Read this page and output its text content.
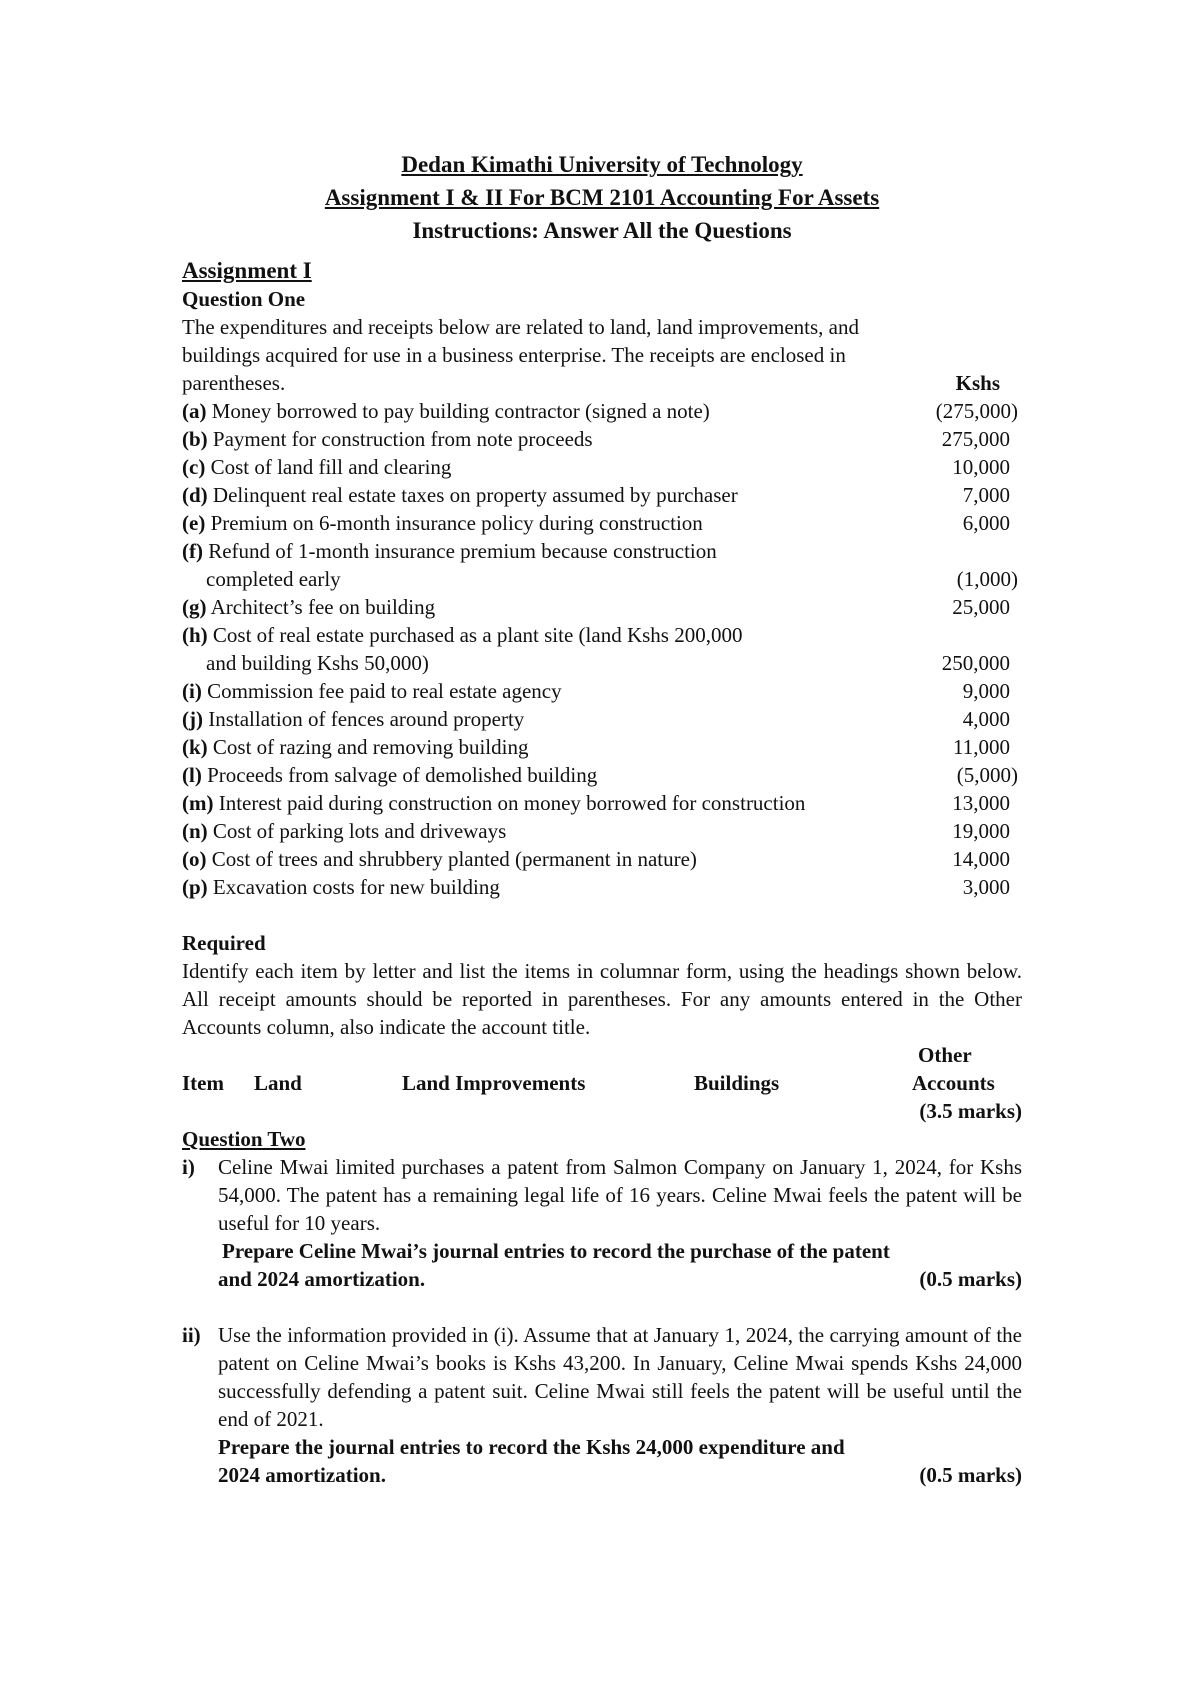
Dedan Kimathi University of Technology
Assignment I & II For BCM 2101 Accounting For Assets
Instructions: Answer All the Questions
Assignment I
Question One
The expenditures and receipts below are related to land, land improvements, and
buildings acquired for use in a business enterprise. The receipts are enclosed in
parentheses.	Kshs
(a) Money borrowed to pay building contractor (signed a note)	(275,000)
(b) Payment for construction from note proceeds	275,000
(c) Cost of land fill and clearing	10,000
(d) Delinquent real estate taxes on property assumed by purchaser	7,000
(e) Premium on 6-month insurance policy during construction	6,000
(f) Refund of 1-month insurance premium because construction
completed early	(1,000)
(g) Architect’s fee on building	25,000
(h) Cost of real estate purchased as a plant site (land Kshs 200,000
and building Kshs 50,000)	250,000
(i) Commission fee paid to real estate agency	9,000
(j) Installation of fences around property	4,000
(k) Cost of razing and removing building	11,000
(l) Proceeds from salvage of demolished building	(5,000)
(m) Interest paid during construction on money borrowed for construction	13,000
(n) Cost of parking lots and driveways	19,000
(o) Cost of trees and shrubbery planted (permanent in nature)	14,000
(p) Excavation costs for new building	3,000
Required

Identify each item by letter and list the items in columnar form, using the headings shown below. All receipt amounts should be reported in parentheses. For any amounts entered in the Other Accounts column, also indicate the account title.

Item Land	Land Improvements	Buildings
Other
Accounts
(3.5 marks)
Question Two
i)	Celine Mwai limited purchases a patent from Salmon Company on January 1, 2024, for Kshs 54,000. The patent has a remaining legal life of 16 years. Celine Mwai feels the patent will be useful for 10 years.

Prepare Celine Mwai’s journal entries to record the purchase of the patent
and 2024 amortization.	(0.5 marks)
ii) Use the information provided in (i). Assume that at January 1, 2024, the carrying amount of the patent on Celine Mwai’s books is Kshs 43,200. In January, Celine Mwai spends Kshs 24,000 successfully defending a patent suit. Celine Mwai still feels the patent will be useful until the end of 2021.

Prepare the journal entries to record the Kshs 24,000 expenditure and
2024 amortization.	(0.5 marks)
